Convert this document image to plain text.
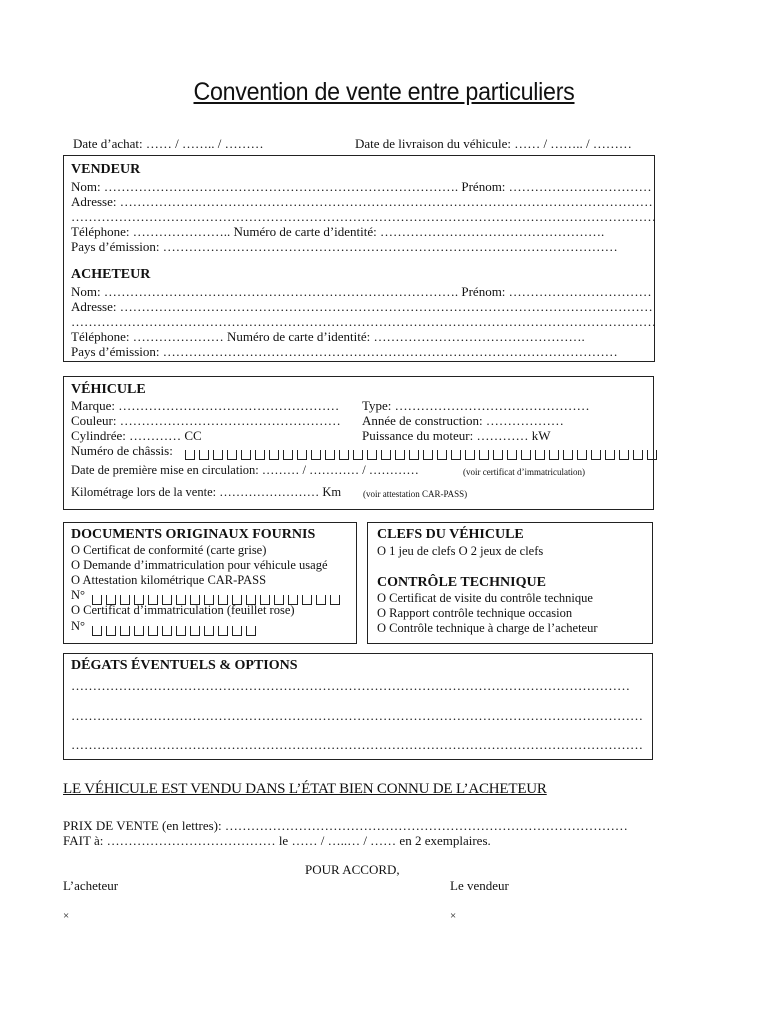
Convention de vente entre particuliers
Date d’achat: …… / …….. / ………	Date de livraison du véhicule: …… / …….. / ………
VENDEUR
Nom: ………………………………………………………………………. Prénom: ……………………………
Adresse: ……………………………………………………………………………………………………………
………………………………………………………………………………………………………………………
Téléphone: ………………….. Numéro de carte d’identité: …………………………………………….
Pays d’émission: ……………………………………………………………………………………………
ACHETEUR
Nom: ………………………………………………………………………. Prénom: ……………………………
Adresse: ……………………………………………………………………………………………………………
………………………………………………………………………………………………………………………
Téléphone: ………………… Numéro de carte d’identité: ………………………………………….
Pays d’émission: ……………………………………………………………………………………………
VÉHICULE
Marque: …………………………………………… Type: ………………………………………
Couleur: …………………………………………… Année de construction: ………………
Cylindrée: ………… CC	Puissance du moteur: ………… kW
Numéro de châssis:
Date de première mise en circulation: ……… / ………… / …………	(voir certificat d’immatriculation)
Kilométrage lors de la vente: …………………… Km (voir attestation CAR-PASS)
DOCUMENTS ORIGINAUX FOURNIS
O Certificat de conformité (carte grise)
O Demande d’immatriculation pour véhicule usagé
O Attestation kilométrique CAR-PASS
N°
O Certificat d’immatriculation (feuillet rose)
N°
CLEFS DU VÉHICULE
O 1 jeu de clefs O 2 jeux de clefs
CONTRÔLE TECHNIQUE
O Certificat de visite du contrôle technique
O Rapport contrôle technique occasion
O Contrôle technique à charge de l’acheteur
DÉGATS ÉVENTUELS & OPTIONS
…………………………………………………………………………………………………………………
……………………………………………………………………………………………………………………
……………………………………………………………………………………………………………………
LE VÉHICULE EST VENDU DANS L’ÉTAT BIEN CONNU DE L’ACHETEUR
PRIX DE VENTE (en lettres): …………………………………………………………………………………
FAIT à: ………………………………… le …… / …..… / …… en 2 exemplaires.
POUR ACCORD,
L’acheteur	Le vendeur
×	×
